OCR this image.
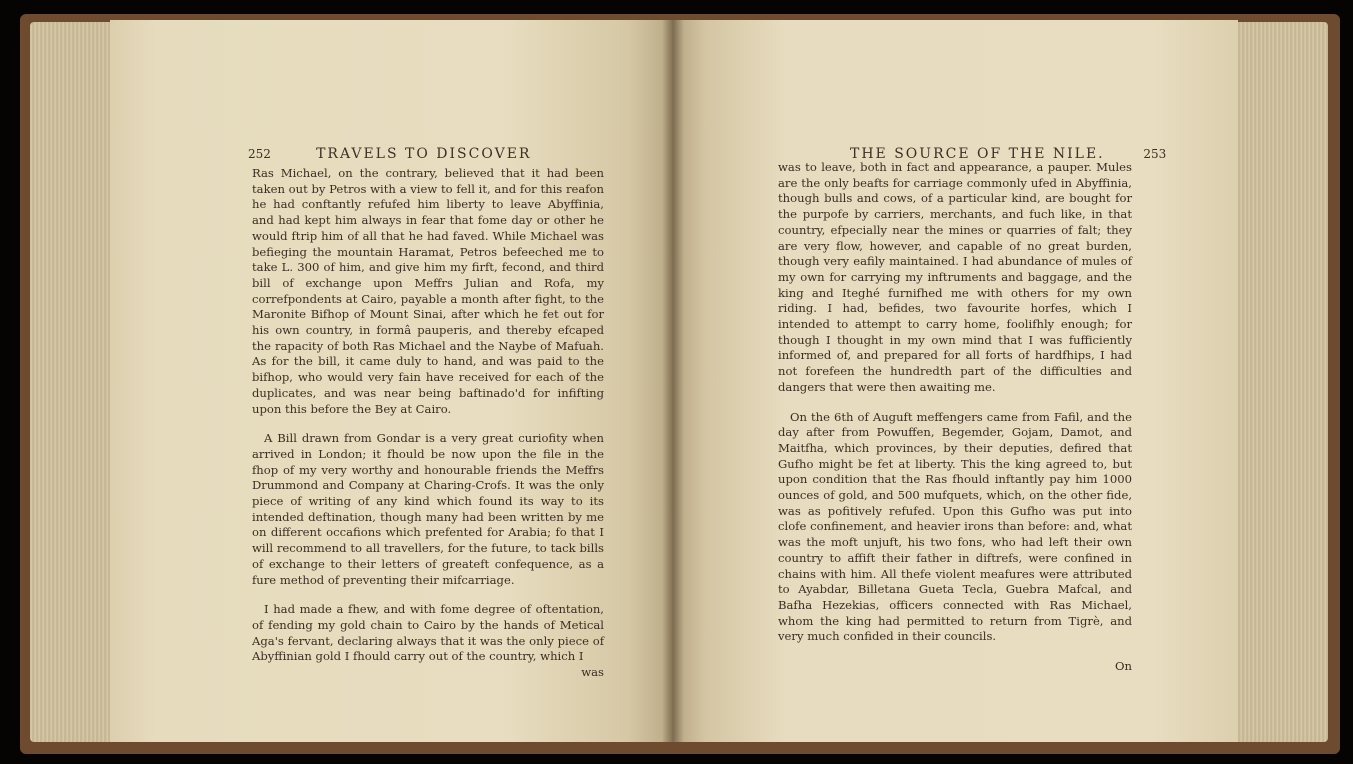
252	TRAVELS TO DISCOVER

Ras Michael, on the contrary, believed that it had been taken out by Petros with a view to fell it, and for this reafon he had conftantly refufed him liberty to leave Abyffinia, and had kept him always in fear that fome day or other he would ftrip him of all that he had faved. While Michael was befieging the mountain Haramat, Petros befeeched me to take L. 300 of him, and give him my firft, fecond, and third bill of exchange upon Meffrs Julian and Rofa, my correfpondents at Cairo, payable a month after fight, to the Maronite Bifhop of Mount Sinai, after which he fet out for his own country, in formâ pauperis, and thereby efcaped the rapacity of both Ras Michael and the Naybe of Mafuah. As for the bill, it came duly to hand, and was paid to the bifhop, who would very fain have received for each of the duplicates, and was near being baftinado'd for infifting upon this before the Bey at Cairo.

A Bill drawn from Gondar is a very great curiofity when arrived in London; it fhould be now upon the file in the fhop of my very worthy and honourable friends the Meffrs Drummond and Company at Charing-Crofs. It was the only piece of writing of any kind which found its way to its intended deftination, though many had been written by me on different occafions which prefented for Arabia; fo that I will recommend to all travellers, for the future, to tack bills of exchange to their letters of greateft confequence, as a fure method of preventing their mifcarriage.

I had made a fhew, and with fome degree of oftentation, of fending my gold chain to Cairo by the hands of Metical Aga's fervant, declaring always that it was the only piece of Abyffinian gold I fhould carry out of the country, which I

was

THE SOURCE OF THE NILE.	253

was to leave, both in fact and appearance, a pauper. Mules are the only beafts for carriage commonly ufed in Abyffinia, though bulls and cows, of a particular kind, are bought for the purpofe by carriers, merchants, and fuch like, in that country, efpecially near the mines or quarries of falt; they are very flow, however, and capable of no great burden, though very eafily maintained. I had abundance of mules of my own for carrying my inftruments and baggage, and the king and Iteghé furnifhed me with others for my own riding. I had, befides, two favourite horfes, which I intended to attempt to carry home, foolifhly enough; for though I thought in my own mind that I was fufficiently informed of, and prepared for all forts of hardfhips, I had not forefeen the hundredth part of the difficulties and dangers that were then awaiting me.

On the 6th of Auguft meffengers came from Fafil, and the day after from Powuffen, Begemder, Gojam, Damot, and Maitfha, which provinces, by their deputies, defired that Gufho might be fet at liberty. This the king agreed to, but upon condition that the Ras fhould inftantly pay him 1000 ounces of gold, and 500 mufquets, which, on the other fide, was as pofitively refufed. Upon this Gufho was put into clofe confinement, and heavier irons than before: and, what was the moft unjuft, his two fons, who had left their own country to affift their father in diftrefs, were confined in chains with him. All thefe violent meafures were attributed to Ayabdar, Billetana Gueta Tecla, Guebra Mafcal, and Bafha Hezekias, officers connected with Ras Michael, whom the king had permitted to return from Tigrè, and very much confided in their councils.

On
